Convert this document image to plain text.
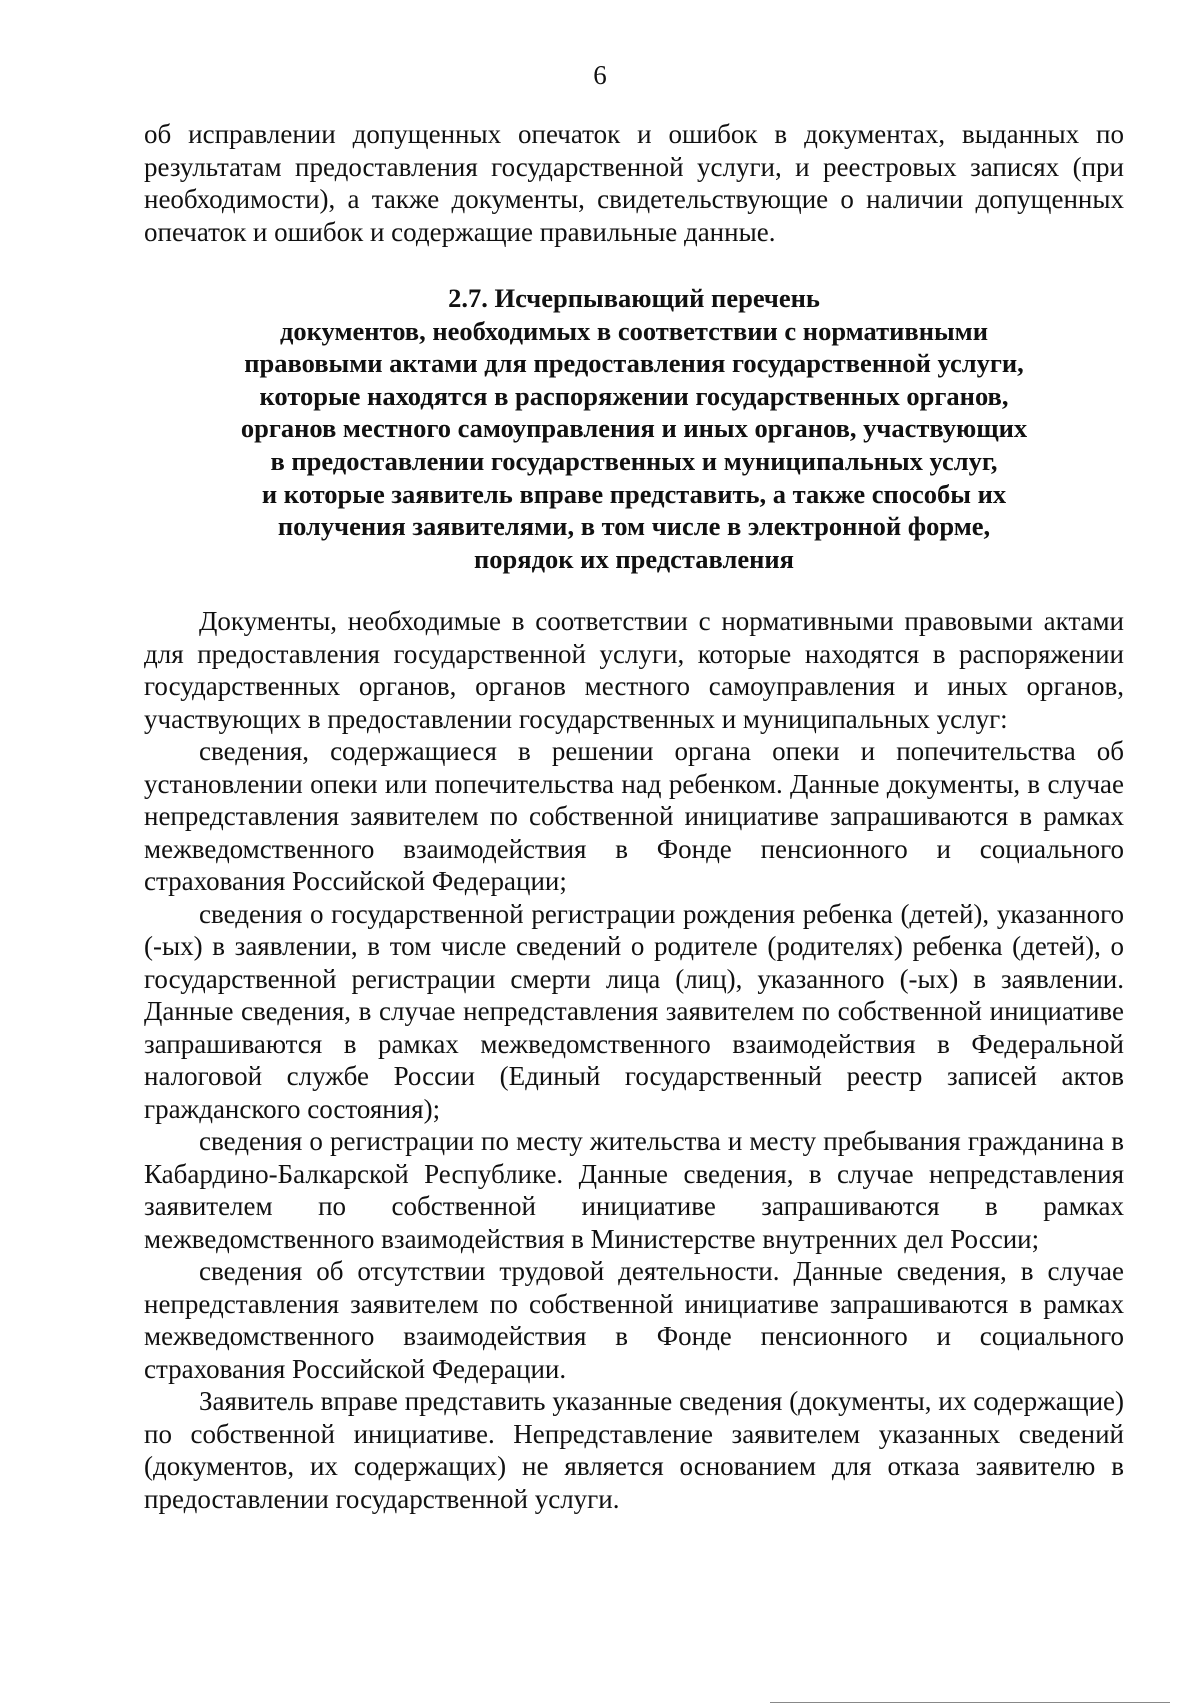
6

об исправлении допущенных опечаток и ошибок в документах, выданных по результатам предоставления государственной услуги, и реестровых записях (при необходимости), а также документы, свидетельствующие о наличии допущенных опечаток и ошибок и содержащие правильные данные.

2.7. Исчерпывающий перечень
документов, необходимых в соответствии с нормативными
правовыми актами для предоставления государственной услуги,
которые находятся в распоряжении государственных органов,
органов местного самоуправления и иных органов, участвующих
в предоставлении государственных и муниципальных услуг,
и которые заявитель вправе представить, а также способы их
получения заявителями, в том числе в электронной форме,
порядок их представления

Документы, необходимые в соответствии с нормативными правовыми актами для предоставления государственной услуги, которые находятся в распоряжении государственных органов, органов местного самоуправления и иных органов, участвующих в предоставлении государственных и муниципальных услуг:

сведения, содержащиеся в решении органа опеки и попечительства об установлении опеки или попечительства над ребенком. Данные документы, в случае непредставления заявителем по собственной инициативе запрашиваются в рамках межведомственного взаимодействия в Фонде пенсионного и социального страхования Российской Федерации;

сведения о государственной регистрации рождения ребенка (детей), указанного (-ых) в заявлении, в том числе сведений о родителе (родителях) ребенка (детей), о государственной регистрации смерти лица (лиц), указанного (-ых) в заявлении. Данные сведения, в случае непредставления заявителем по собственной инициативе запрашиваются в рамках межведомственного взаимодействия в Федеральной налоговой службе России (Единый государственный реестр записей актов гражданского состояния);

сведения о регистрации по месту жительства и месту пребывания гражданина в Кабардино-Балкарской Республике. Данные сведения, в случае непредставления заявителем по собственной инициативе запрашиваются в рамках межведомственного взаимодействия в Министерстве внутренних дел России;

сведения об отсутствии трудовой деятельности. Данные сведения, в случае непредставления заявителем по собственной инициативе запрашиваются в рамках межведомственного взаимодействия в Фонде пенсионного и социального страхования Российской Федерации.

Заявитель вправе представить указанные сведения (документы, их содержащие) по собственной инициативе. Непредставление заявителем указанных сведений (документов, их содержащих) не является основанием для отказа заявителю в предоставлении государственной услуги.
